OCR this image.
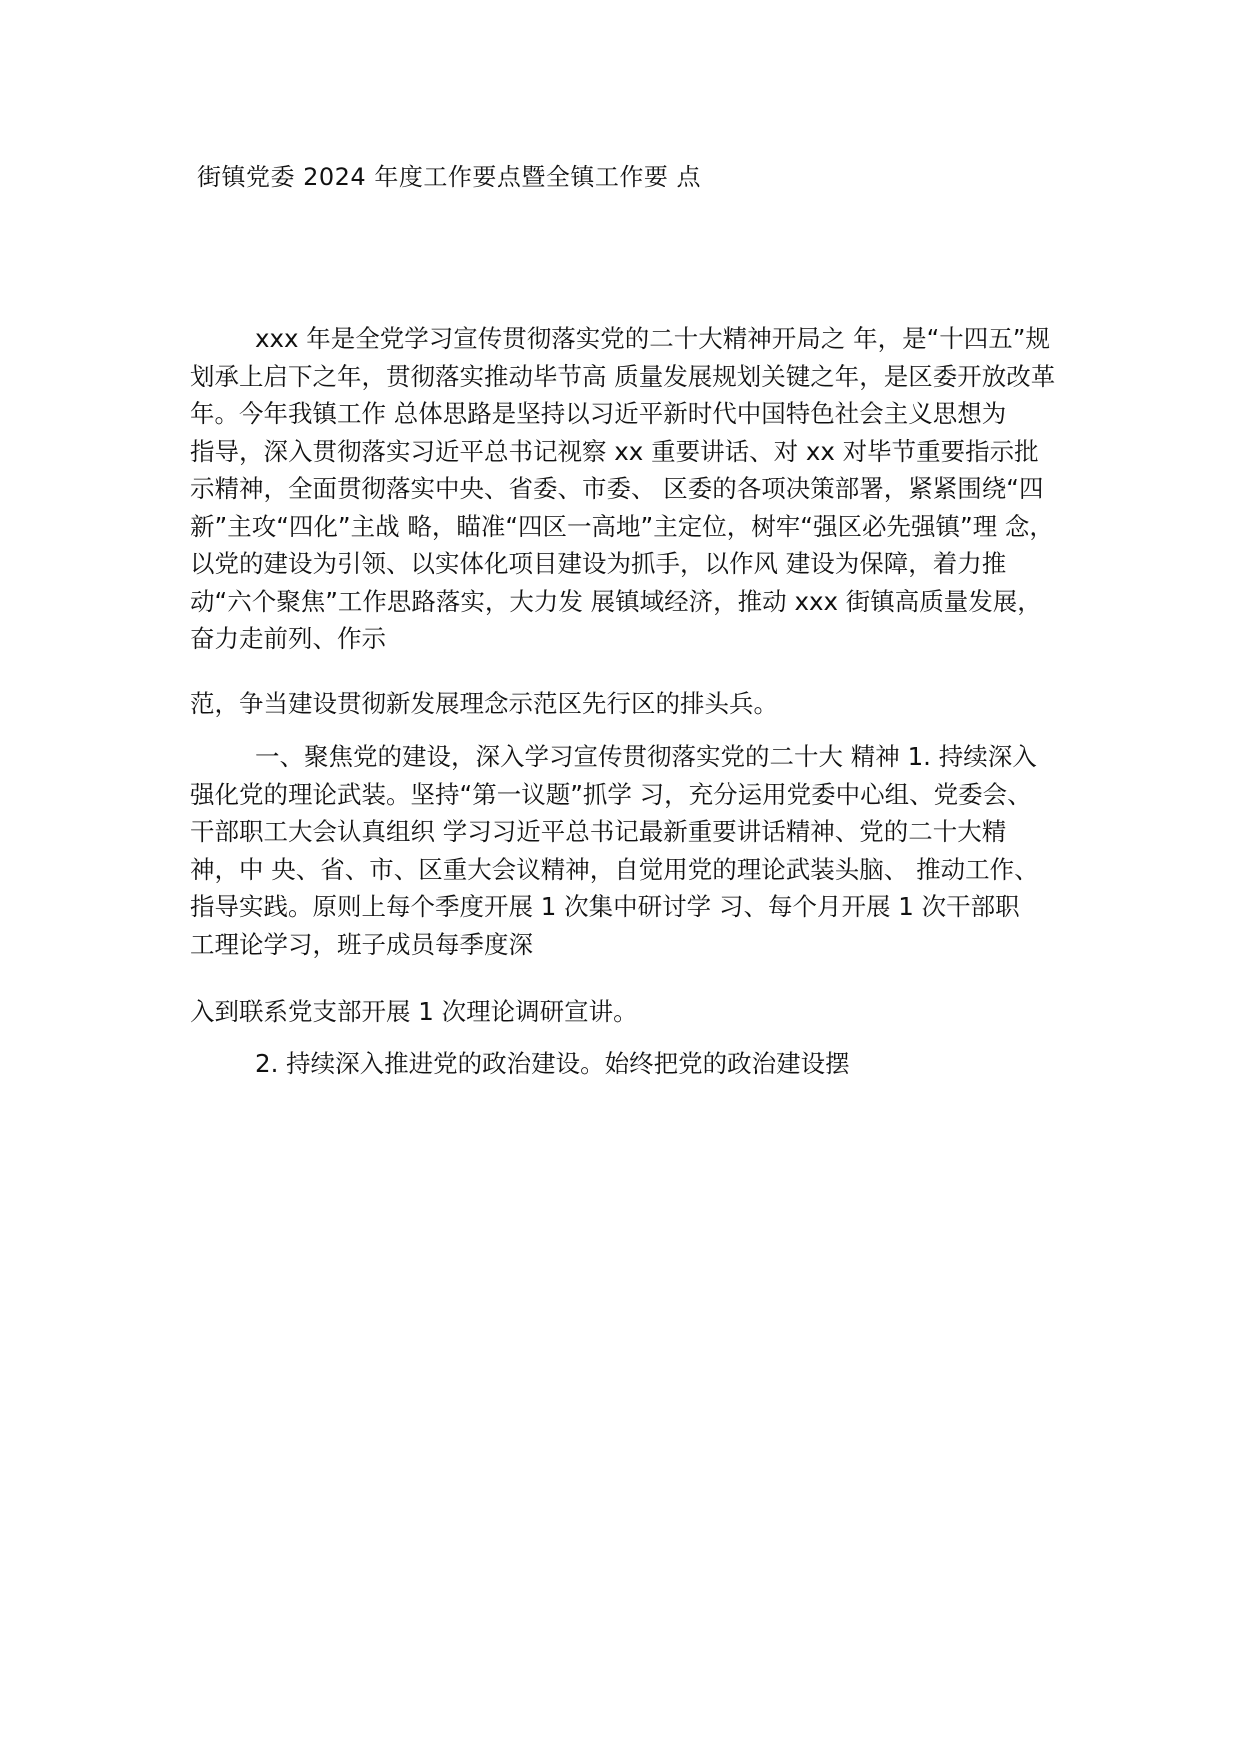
街镇党委 2024 年度工作要点暨全镇工作要 点
xxx 年是全党学习宣传贯彻落实党的二十大精神开局之 年，是“十四五”规
划承上启下之年，贯彻落实推动毕节高 质量发展规划关键之年，是区委开放改革
年。今年我镇工作 总体思路是坚持以习近平新时代中国特色社会主义思想为
指导，深入贯彻落实习近平总书记视察 xx 重要讲话、对 xx 对毕节重要指示批
示精神，全面贯彻落实中央、省委、市委、 区委的各项决策部署，紧紧围绕“四
新”主攻“四化”主战 略，瞄准“四区一高地”主定位，树牢“强区必先强镇”理 念，
以党的建设为引领、以实体化项目建设为抓手，以作风 建设为保障，着力推
动“六个聚焦”工作思路落实，大力发 展镇域经济，推动 xxx 街镇高质量发展，
奋力走前列、作示
范，争当建设贯彻新发展理念示范区先行区的排头兵。
一、聚焦党的建设，深入学习宣传贯彻落实党的二十大 精神 1. 持续深入
强化党的理论武装。坚持“第一议题”抓学 习，充分运用党委中心组、党委会、
干部职工大会认真组织 学习习近平总书记最新重要讲话精神、党的二十大精
神，中 央、省、市、区重大会议精神，自觉用党的理论武装头脑、 推动工作、
指导实践。原则上每个季度开展 1 次集中研讨学 习、每个月开展 1 次干部职
工理论学习，班子成员每季度深
入到联系党支部开展 1 次理论调研宣讲。
2. 持续深入推进党的政治建设。始终把党的政治建设摆
